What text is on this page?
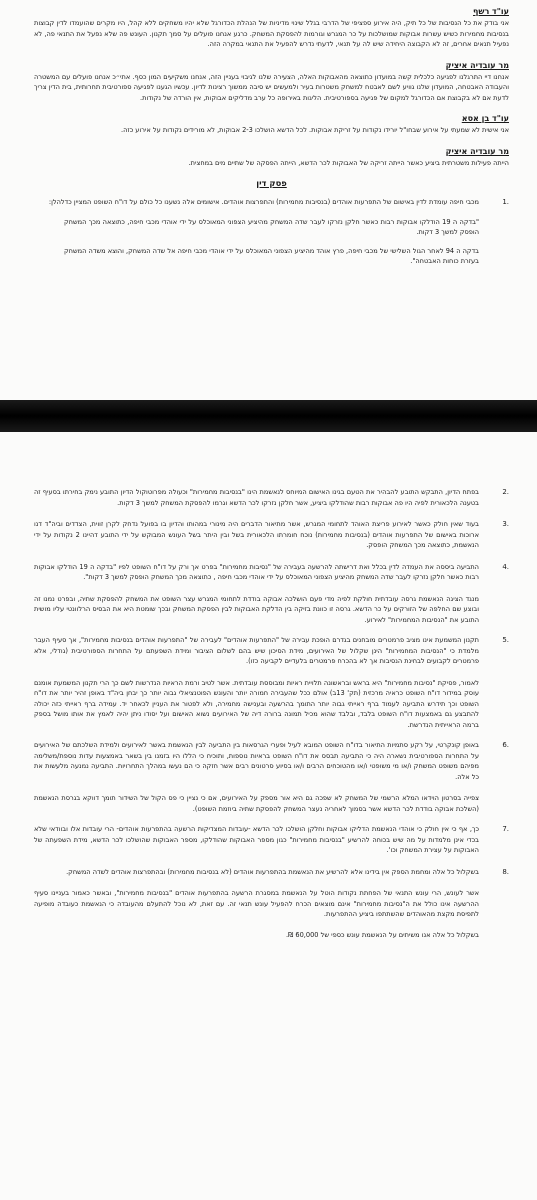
עו"ד רשף

אני בודק את כל הנסיבות של כל תיק, היה אירוע ספציפי של הדרבי בגלל שינוי מדיניות של הנהלת הכדורגל שלא יהיו משחקים ללא קהל, היו מקרים שהועמדו לדין קבוצות בנסיבות מחמירות כשיש עשרות אבוקות שמושלכות על כר המגרש וגורמות להפסקת המשחק. כרגע אנחנו פועלים על סמך תקנון. העונש פה שלא נפעל את התנאי פה, לא נפעיל תנאים אחרים, זה לא הקבוצה היחידה שיש לה על תנאי, לדעתי נדרש להפעיל את התנאי במקרה הזה.

מר עובדיה איציק

אנחנו דיי התרגלנו לפגיעה כלכלית קשה במועדון כתוצאה מהאבוקות האלה, הצעירה שלנו לגיבוי בעניין הזה, אנחנו משקיעים המון כסף. אתי״כ אנחנו פועלים עם המשטרה והעבודה האבטחה, המועדון שלנו גוויע לשם לאבטח למשחק משטרות בעיר ולמעשים יש סיבה ממשוך רצינות לדיון. עכשיו הגענו לפגיעה ספורטיבית תחרותית, בית הדין צריך לדעת אם לא בקבוצת אם הכדורגל למקום של פגיעה בספורטיבית. הליגות באירופה כל ערב מדליקים אבוקות, אין הורדה של נקודות.

עו"ד בן אסא

אני אישית לא שמעתי על אירוע שבחו"ל יורידו נקודות על זריקת אבוקות. לכל הדשא הושלכו 2-3 אבוקות, לא מורידים נקודות על אירוע כזה.

מר עובדיה איציק

הייתה פעילות משטרתית ביציע כאשר הייתה זריקה של האבוקות לכר הדשא, הייתה הפסקה של שתיים מים במחצית.

פסק דין

1.

מכבי חיפה עומדת לדין באישום של התפרעות אוהדים (בנסיבות מחמירות) והתפרצות אוהדים. אישומים אלה נשענו כל כולם על דו"ח השופט המציין כדלהלן:

"בדקה ה 19 הודלקו אבוקות רבות כאשר חלקן נזרקו לעבר שדה המשחק מהיציע הצפוני המאוכלס על ידי אוהדי מכבי חיפה, כתוצאה מכך המשחק הופסק למשך 3 דקות.

בדקה ה 94 לאחר הגול השלישי של מכבי חיפה, פרץ אוהד מהיציע הצפוני המאוכלס על ידי אוהדי מכבי חיפה אל שדה המשחק, והוצא משדה המשחק בעזרת כוחות האבטחה".

2.

בפתח הדיון, התבקש התובע להבהיר את הטעם בגינו האישום המיוחס לנאשמת הינו "בנסיבות מחמירות" וכעולה מפרוטוקול הדיון התובע נימק בחירתו בסעיף זה בטענה הלכאורית לפיה היו פה אבוקות רבות שהודלקו ביציע, אשר חלקן נזרקו לכר הדשא וגרמו להפסקת המשחק למשך 3 דקות.

3.

בעוד שאין חולק כאשר לאירוע פריצת האוהד לתחומי המגרש, אשר מתיאור הדברים היה מינורי במהותו והדיון בו בפועל נדחק לקרן זווית, הצדדים וביה"ד דנו ארוכות באישום של התפרעות אוהדים (בנסיבות מחמירות) נוכח חומרתו הלכאורית בשל ובין היתר בשל העונש המבוקש על ידי התובע דהיינו 2 נקודות על ידי הנאשמת, כתוצאה מכך המשחק הופסק.

4.

התביעה ביססה את העמדה לדין בכלל ואת דרישתה להרשעה בעבירה של "נסיבות מחמירות" בפרט אך ורק על דו"ח השופט לפיו "בדקה ה 19 הודלקו אבוקות רבות כאשר חלקן נזרקו לעבר שדה המשחק מהיציע הצפוני המאוכלס על ידי אוהדי מכבי חיפה , כתוצאה מכך המשחק הופסק למשך 3 דקות".

מנגד הציגה הנאשמת גרסה עובדתית חולקת לפיה מדי פעם הושלכה אבוקה בודדת לתחומי המגרש עצר השופט את המשחק להפסקת שתיה, ובפרט נמנו זה ובוצע שם החלפה של הזורקים על כר הדשא. גרסה זו כוונת בזיקה בין הדלקת האבוקות לבין הפסקת המשחק ובכך שומטת היא את הבסיס הרלוונטי עליו מושית התובע את "הנסיבות המחמירות" לאירוע.

5.

תקנון המשמעת אינו מציב פרמטרים מובחנים בגדרם הופכת עבירה של "התפרעות אוהדים" לעבירה של "התפרעות אוהדים בנסיבות מחמירות", אך סעיף העבר מלמדת כי "הנסיבות המחמירות" הינן שקלול של האירועים, מידת הסיכון שיש בהם לשלום הציבור ומידת השפעתם על התחרות הספורטיבית (גודלי, אלא פרמטרים לקבועים לבחינת הנסיבות אך לא בהכרח פרמטרים בלעדיים לקביעה כזו).

לאמור, פסיקת "נסיבות מחמירות" היא בראש ובראשונה תלויית ראיות ומבוססת עובדתית. אשר לטיב ורמת הראיות הנדרשות לשם כך הרי תקנון המשמעת אומנם עוסק במידור דו"ח השופט כראיה מרכזית (תק' 13ב) אולם ככל שהעבירה חמורה יותר והעונש הפוטנציאלי גבוה יותר כך יבחן ביה"ד באופן זהיר יותר את דו"ח השופט וכך תידרש התביעה לעמוד ברף ראייתי גבוה יותר התומך בהרשעה ובענישה מחמירה, ולא לפטור את העניין לכאחר יד. עמידה ברף ראייתי כזה יכולה להתבצע גם באמצעות דו"ח השופט בלבד, ובלבד שהוא מכיל תמונה ברורה דיה של האירועים נשוא האישום ועל יסודו ניתן יהיה לאמץ את אותו מושל בספק ברמה הראייתית הנדרשת.

6.

באופן קונקרטי, על רקע סתמיות התיאור בדו"ח השופט המובא לעיל ופערי הגרסאות בין התביעה לבין הנאשמת באשר לאירועים ולמידת השלכתם של האירועים על התחרות הספורטיבית נשארה היה כי התביעה תבסס את דו"ח השופט בראיות נוספות, ותוכיח כי הללו היו בזמנו בין בשאר באמצעות עדות נוספת/משלימה מפיהם משופט המשחק ו/או מי משופטי ו/או מהטוכחים הרבים ו/או בסיוע סרטונים רבים אשר חזקה כי הם נעשו במהלך התחרויות. התביעה נמנעה מלעשות את כל אלה.

צפייה בסרטון הוידאו המלא הרשמי של המשחק לא שפכה גם היא אור מספק על האירועים, אם כי נציין כי פס הקול של השידור תומך דווקא בגרסת הנאשמת (השלכת אבוקה בודדת לכר הדשא אשר בסמוך לאחריה נעצר המשחק להפסקת שתיה ביוזמת השופט).

7.

כך, אף כי אין חולק כי אוהדי הנאשמת הדליקו אבוקות וחלקן הושלכו לכר הדשא -עובדות המצדיקות הרשעה בהתפרעות אוהדים- הרי עובדות אלו ובוודאי שלא בכדי אינן מלמדות על מה שיש בכוחה להרשיע "בנסיבות מחמירות" כגון מספר האבוקות שהודלקו, מספר האבוקות שהושלכו לכר הדשא, מידת השפעתה של האבוקות על עצירת המשחק וכו'.

8.

בשקלול כל אלה ומחמת הספק אין בידינו אלא להרשיע את הנאשמת בהתפרעות אוהדים (לא בנסיבות מחמירות) ובהתפרצות אוהדים לשדה המשחק.

אשר לעונש, הרי עונש התנאי של הפחתת נקודות הוטל על הנאשמת במסגרת הרשעה בהתפרעות אוהדים "בנסיבות מחמירות", ובאשר כאמור בעניינו סעיף ההרשעה אינו כולל את ה"נסיבות מחמירות" אינם מוצאים הכרח להפעיל עונש תנאי זה. עם זאת, לא נוכל להתעלם מהעובדה כי הנאשמת כעובדה מופיעה לתפיסת מקצת מהאוהדים שהשתתפו ביציע ההתפרעות.

בשקלול כל אלה אנו משיתים על הנאשמת עונש כספי של 60,000 ₪.
